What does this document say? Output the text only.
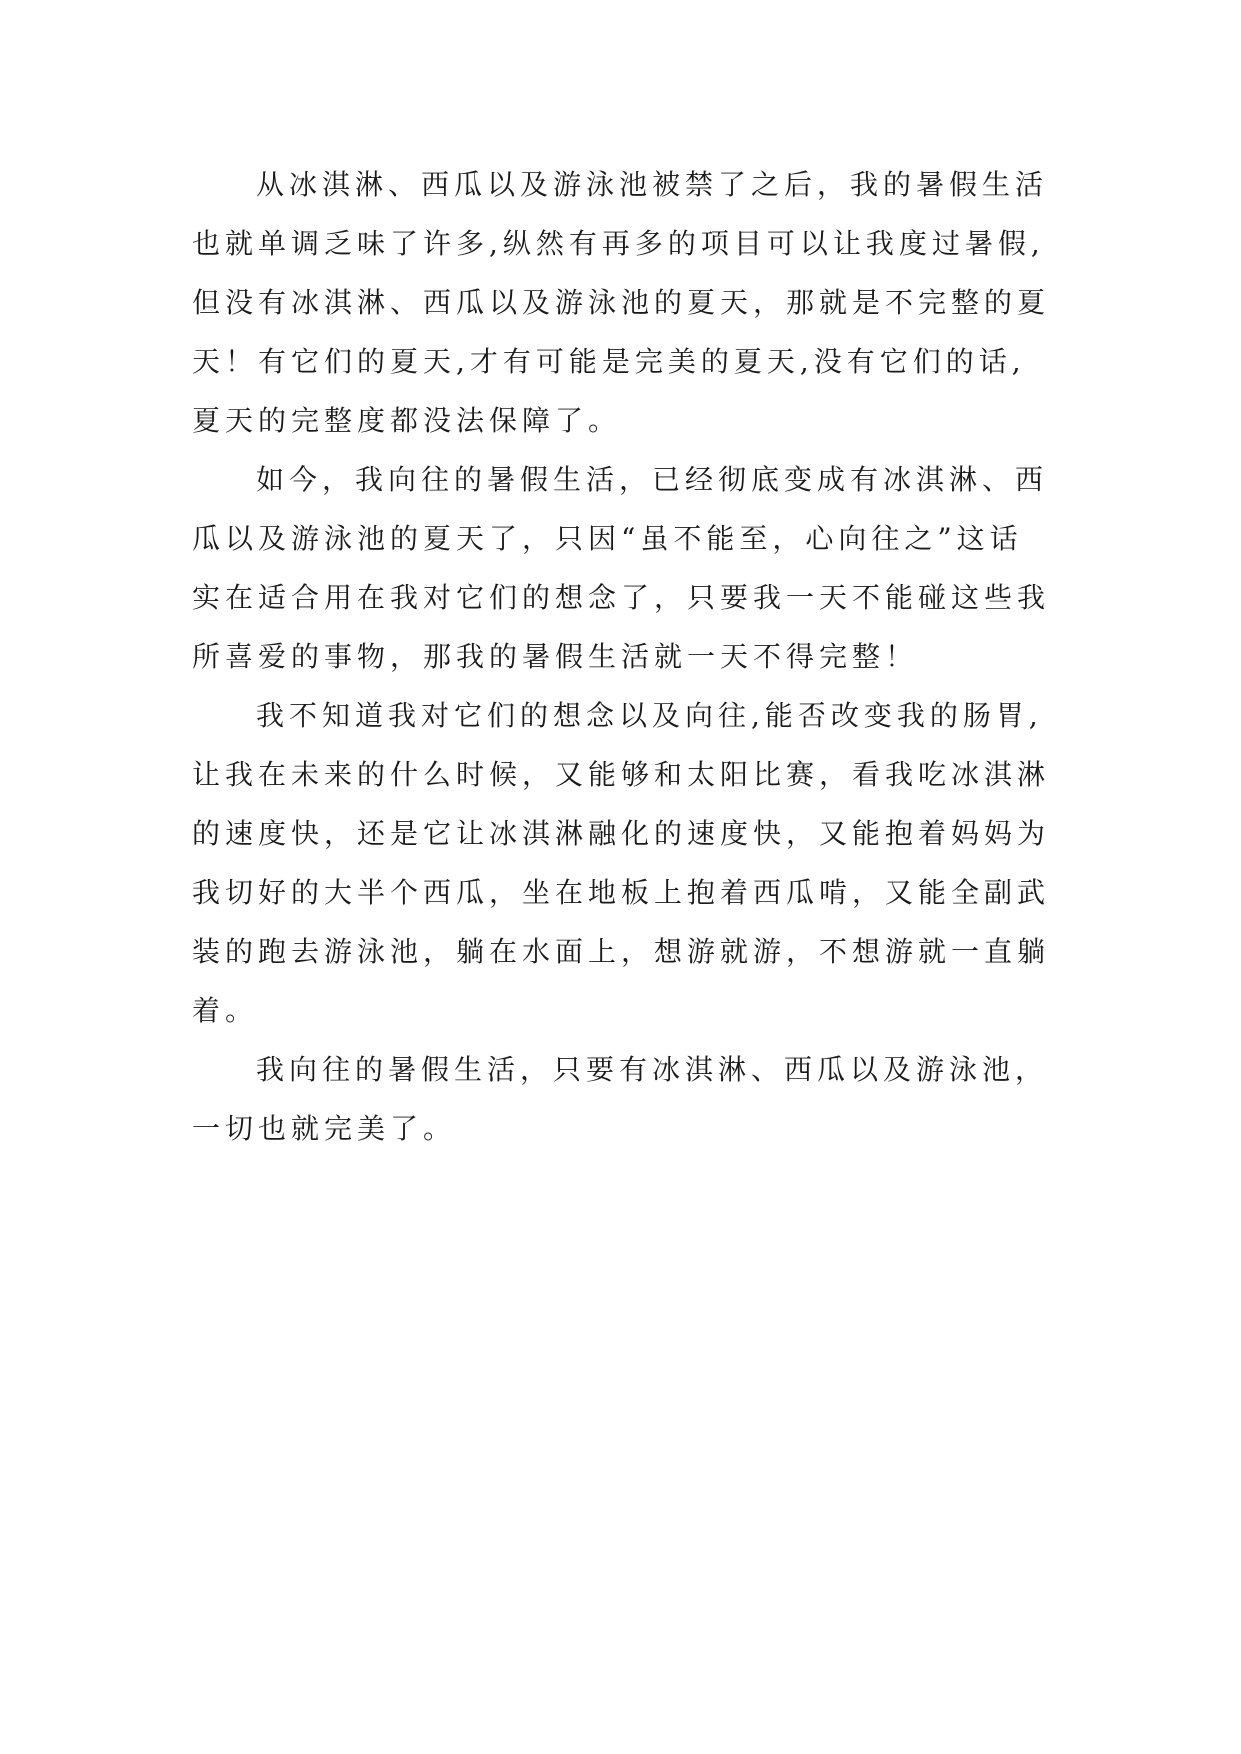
从冰淇淋、西瓜以及游泳池被禁了之后，我的暑假生活
也就单调乏味了许多,纵然有再多的项目可以让我度过暑假,
但没有冰淇淋、西瓜以及游泳池的夏天，那就是不完整的夏
天！有它们的夏天,才有可能是完美的夏天,没有它们的话,
夏天的完整度都没法保障了。
如今，我向往的暑假生活，已经彻底变成有冰淇淋、西
瓜以及游泳池的夏天了，只因“虽不能至，心向往之”这话
实在适合用在我对它们的想念了，只要我一天不能碰这些我
所喜爱的事物，那我的暑假生活就一天不得完整！
我不知道我对它们的想念以及向往,能否改变我的肠胃,
让我在未来的什么时候，又能够和太阳比赛，看我吃冰淇淋
的速度快，还是它让冰淇淋融化的速度快，又能抱着妈妈为
我切好的大半个西瓜，坐在地板上抱着西瓜啃，又能全副武
装的跑去游泳池，躺在水面上，想游就游，不想游就一直躺
着。
我向往的暑假生活，只要有冰淇淋、西瓜以及游泳池，
一切也就完美了。
